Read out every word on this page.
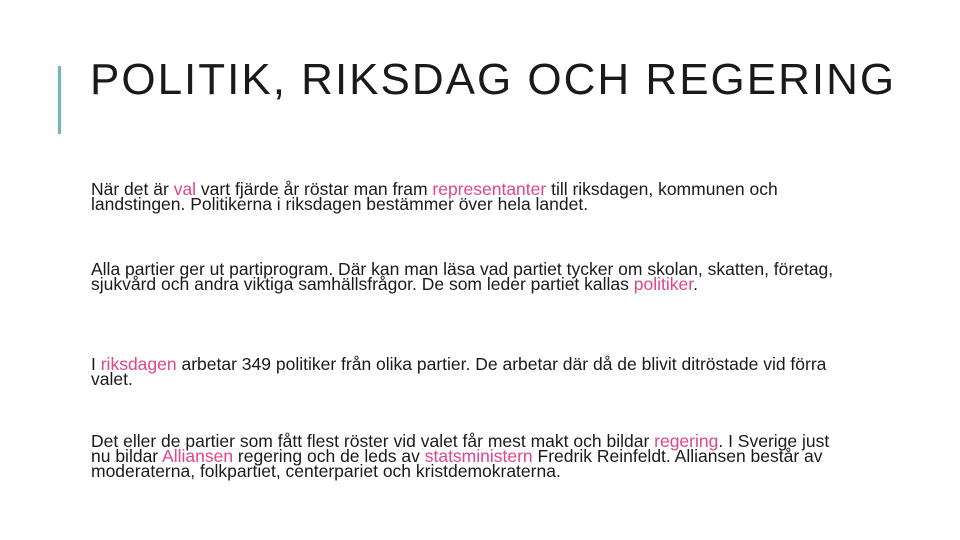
POLITIK, RIKSDAG OCH REGERING

När det är val vart fjärde år röstar man fram representanter till riksdagen, kommunen och landstingen. Politikerna i riksdagen bestämmer över hela landet.

Alla partier ger ut partiprogram. Där kan man läsa vad partiet tycker om skolan, skatten, företag, sjukvård och andra viktiga samhällsfrågor. De som leder partiet kallas politiker.

I riksdagen arbetar 349 politiker från olika partier. De arbetar där då de blivit ditröstade vid förra valet.

Det eller de partier som fått flest röster vid valet får mest makt och bildar regering. I Sverige just nu bildar Alliansen regering och de leds av statsministern Fredrik Reinfeldt. Alliansen består av moderaterna, folkpartiet, centerpariet och kristdemokraterna.
